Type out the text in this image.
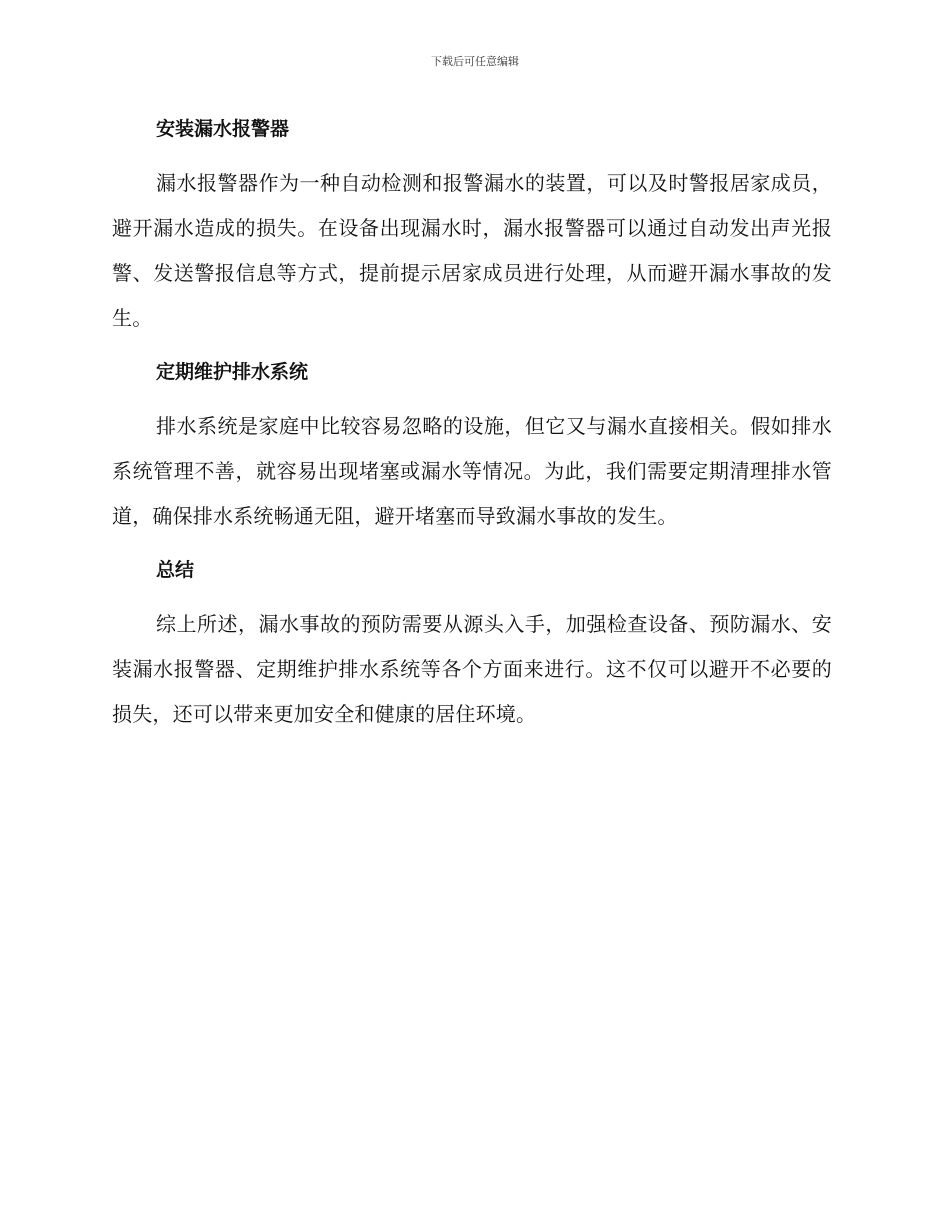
下载后可任意编辑
安装漏水报警器

漏水报警器作为一种自动检测和报警漏水的装置，可以及时警报居家成员，避开漏水造成的损失。在设备出现漏水时，漏水报警器可以通过自动发出声光报警、发送警报信息等方式，提前提示居家成员进行处理，从而避开漏水事故的发生。

定期维护排水系统

排水系统是家庭中比较容易忽略的设施，但它又与漏水直接相关。假如排水系统管理不善，就容易出现堵塞或漏水等情况。为此，我们需要定期清理排水管道，确保排水系统畅通无阻，避开堵塞而导致漏水事故的发生。

总结

综上所述，漏水事故的预防需要从源头入手，加强检查设备、预防漏水、安装漏水报警器、定期维护排水系统等各个方面来进行。这不仅可以避开不必要的损失，还可以带来更加安全和健康的居住环境。
